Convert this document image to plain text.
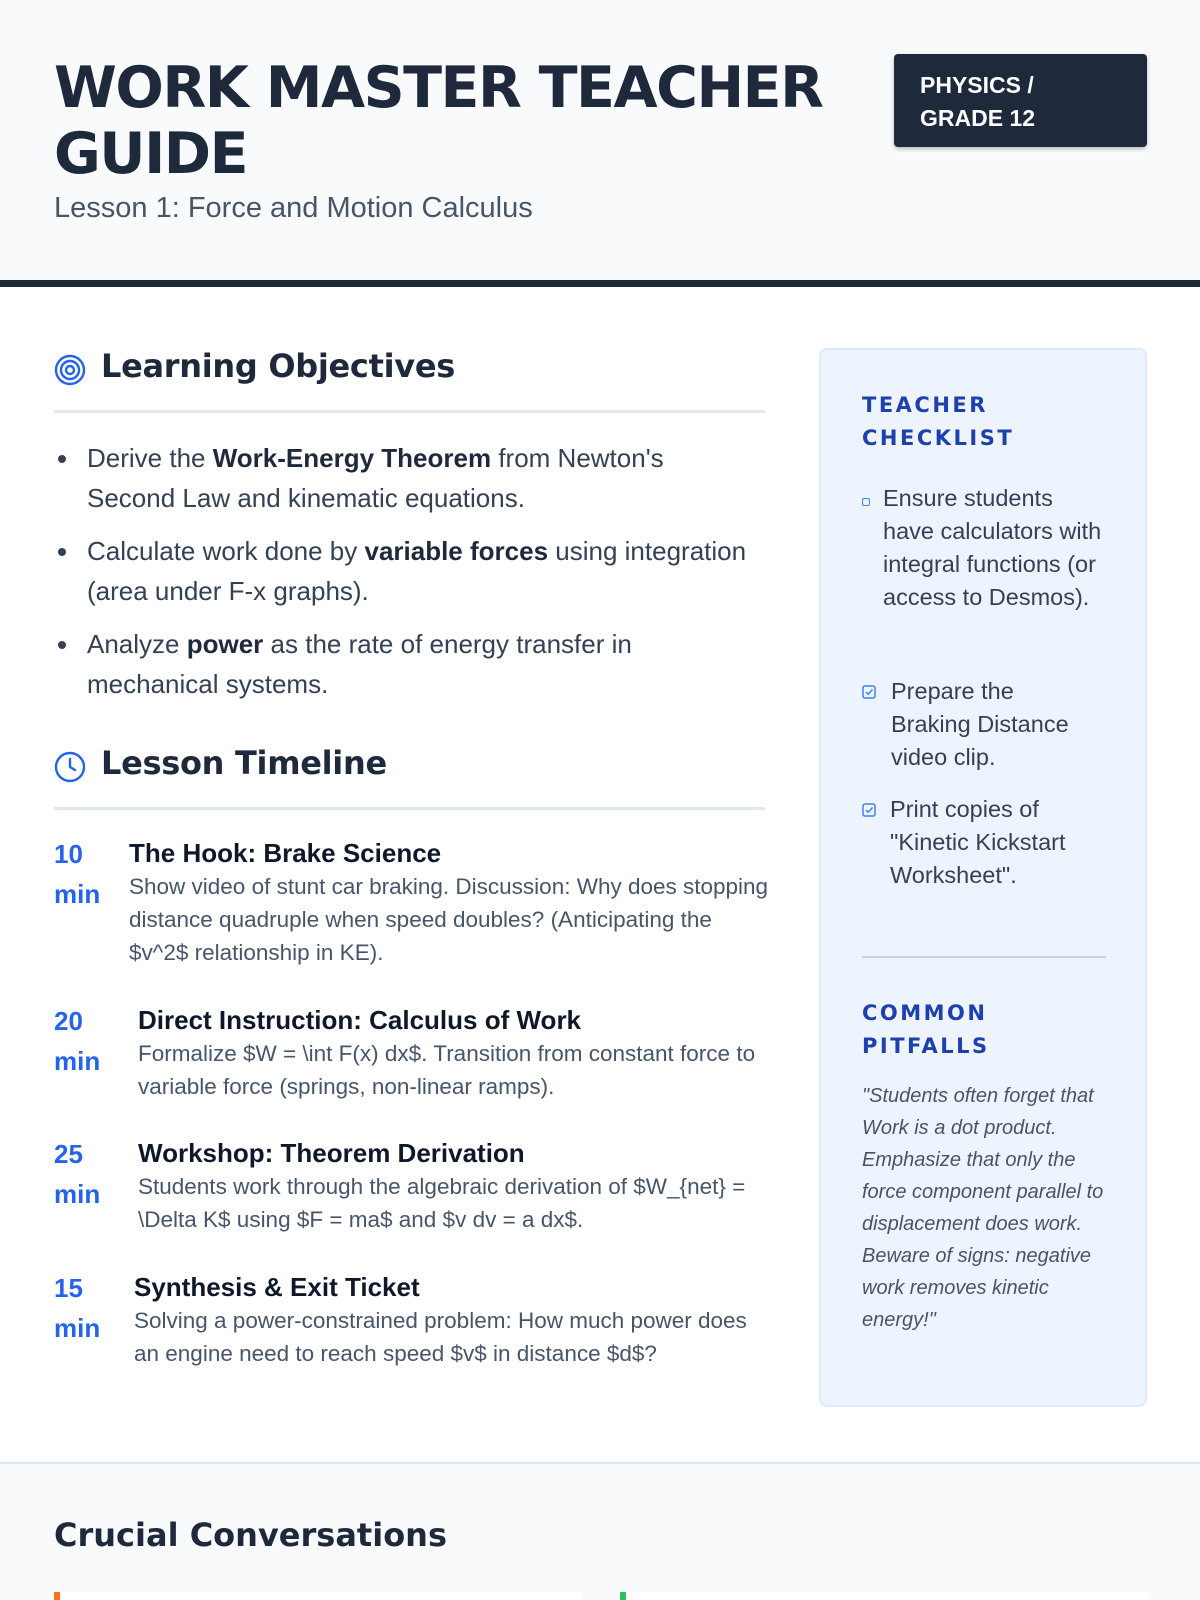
WORK MASTER TEACHER GUIDE
Lesson 1: Force and Motion Calculus
PHYSICS / GRADE 12
Learning Objectives
Derive the Work-Energy Theorem from Newton's Second Law and kinematic equations.
Calculate work done by variable forces using integration (area under F-x graphs).
Analyze power as the rate of energy transfer in mechanical systems.
Lesson Timeline
10 min
The Hook: Brake Science
Show video of stunt car braking. Discussion: Why does stopping distance quadruple when speed doubles? (Anticipating the $v^2$ relationship in KE).
20 min
Direct Instruction: Calculus of Work
Formalize $W = \int F(x) dx$. Transition from constant force to variable force (springs, non-linear ramps).
25 min
Workshop: Theorem Derivation
Students work through the algebraic derivation of $W_{net} = \Delta K$ using $F = ma$ and $v dv = a dx$.
15 min
Synthesis & Exit Ticket
Solving a power-constrained problem: How much power does an engine need to reach speed $v$ in distance $d$?
TEACHER CHECKLIST
Ensure students have calculators with integral functions (or access to Desmos).
Prepare the Braking Distance video clip.
Print copies of "Kinetic Kickstart Worksheet".
COMMON PITFALLS
"Students often forget that Work is a dot product. Emphasize that only the force component parallel to displacement does work. Beware of signs: negative work removes kinetic energy!"
Crucial Conversations
